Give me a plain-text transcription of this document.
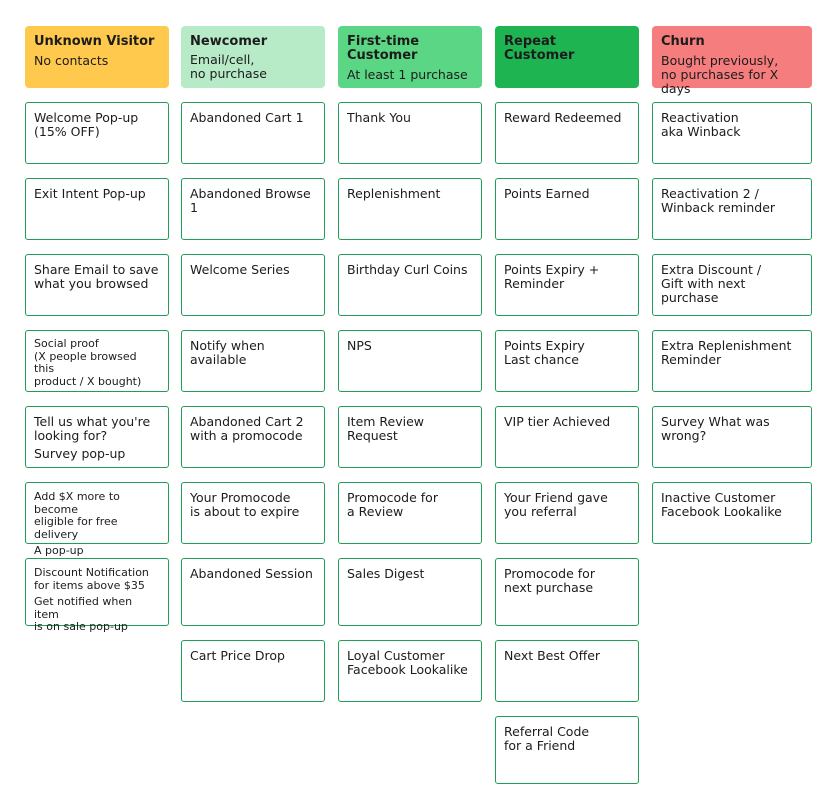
Unknown Visitor
No contacts
Welcome Pop-up
(15% OFF)
Exit Intent Pop-up
Share Email to save
what you browsed
Social proof
(X people browsed this
product / X bought)
Tell us what you're
looking for?
Survey pop-up
Add $X more to become
eligible for free delivery
A pop-up
Discount Notification
for items above $35
Get notified when item
is on sale pop-up
Newcomer
Email/cell,
no purchase
Abandoned Cart 1
Abandoned Browse 1
Welcome Series
Notify when
available
Abandoned Cart 2
with a promocode
Your Promocode
is about to expire
Abandoned Session
Cart Price Drop
First-time Customer
At least 1 purchase
Thank You
Replenishment
Birthday Curl Coins
NPS
Item Review Request
Promocode for
a Review
Sales Digest
Loyal Customer
Facebook Lookalike
Repeat Customer
Reward Redeemed
Points Earned
Points Expiry +
Reminder
Points Expiry
Last chance
VIP tier Achieved
Your Friend gave
you referral
Promocode for
next purchase
Next Best Offer
Referral Code
for a Friend
Churn
Bought previously,
no purchases for X days
Reactivation
aka Winback
Reactivation 2 /
Winback reminder
Extra Discount /
Gift with next purchase
Extra Replenishment
Reminder
Survey What was
wrong?
Inactive Customer
Facebook Lookalike
